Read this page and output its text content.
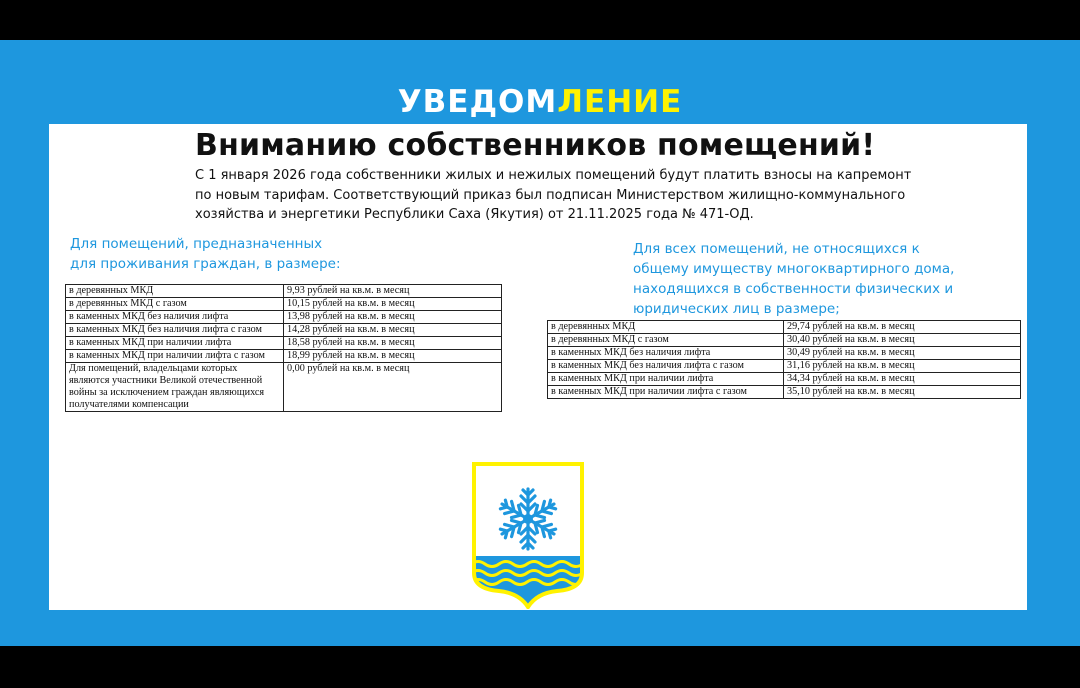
УВЕДОМЛЕНИЕ
Вниманию собственников помещений!
С 1 января 2026 года собственники жилых и нежилых помещений будут платить взносы на капремонт
по новым тарифам. Соответствующий приказ был подписан Министерством жилищно-коммунального
хозяйства и энергетики Республики Саха (Якутия) от 21.11.2025 года № 471-ОД.
Для помещений, предназначенных
для проживания граждан, в размере:
в деревянных МКД	9,93 рублей на кв.м. в месяц
в деревянных МКД с газом	10,15 рублей на кв.м. в месяц
в каменных МКД без наличия лифта	13,98 рублей на кв.м. в месяц
в каменных МКД без наличия лифта с газом	14,28 рублей на кв.м. в месяц
в каменных МКД при наличии лифта	18,58 рублей на кв.м. в месяц
в каменных МКД при наличии лифта с газом	18,99 рублей на кв.м. в месяц
Для помещений, владельцами которых являются участники Великой отечественной войны за исключением граждан являющихся получателями компенсации	0,00 рублей на кв.м. в месяц
Для всех помещений, не относящихся к
общему имуществу многоквартирного дома,
находящихся в собственности физических и
юридических лиц в размере;
в деревянных МКД	29,74 рублей на кв.м. в месяц
в деревянных МКД с газом	30,40 рублей на кв.м. в месяц
в каменных МКД без наличия лифта	30,49 рублей на кв.м. в месяц
в каменных МКД без наличия лифта с газом	31,16 рублей на кв.м. в месяц
в каменных МКД при наличии лифта	34,34 рублей на кв.м. в месяц
в каменных МКД при наличии лифта с газом	35,10 рублей на кв.м. в месяц
